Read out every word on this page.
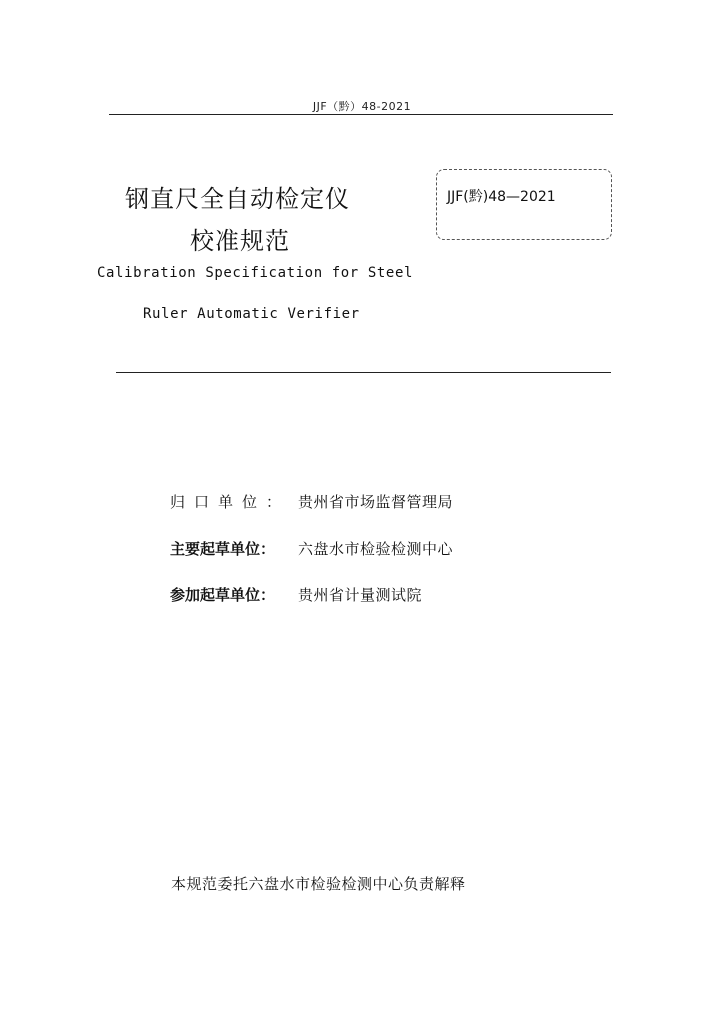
JJF（黔）48-2021
钢直尺全自动检定仪
校准规范
JJF(黔)48—2021
Calibration Specification for Steel
Ruler Automatic Verifier
归口单位： 贵州省市场监督管理局
主要起草单位： 六盘水市检验检测中心
参加起草单位： 贵州省计量测试院
本规范委托六盘水市检验检测中心负责解释
